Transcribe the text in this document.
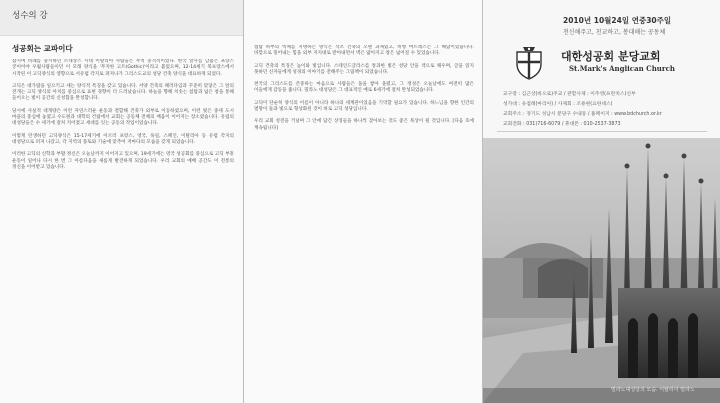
성수의 강
성공회는 교파이다

잡시며 비례를 중시하던 르네상스 시대 이탈리아 사람들은 무척 충격적이었다. 한국 앞사를 남불은 프랑스 궁이어야 우월사람들이던 이 모래 양식을 '무지한 고트(Gothic)'이라고 불렀으며, 12-14세기 북프랑스에서 시작된 이 고딕양식의 영향으로 서유럽 각지로 퍼져나가 그리스도교의 성당 건축 양식을 대표하게 되었다.

고딕은 대가람을 일으키고 세는 양식적 특징을 갖고 있습니다. 서양 건축의 패러다임과 꾸준히 맞닿은 그 앞의 전개는 고딕 양식의 아치를 중심으로 표현 경향이 더 드러났습니다. 하늘을 향해 치솟는 첨탑과 넓은 창을 통해 들어오는 빛이 공간의 신성함을 완성합니다.

당시에 사실적 대개량은 이런 자연스러운 운동과 결합해 건축가 외부로 이동하였으며, 이런 빛은 중세 도시 마을의 중심에 놓였고 수도원과 대학의 건립에서 교회는 공동체 전체의 배움이 이어지는 장소였습니다. 유럽의 대성당들은 수 세기에 걸쳐 지어졌고 세대를 잇는 공동의 작업이었습니다.

이렇게 탄생하던 고딕양식은 15-17세기에 이르러 프랑스, 영국, 독일, 스페인, 이탈리아 등 유럽 각지의 대성당으로 퍼져 나갔고, 각 지역의 풍토와 기술에 맞추어 저마다의 모습을 갖게 되었습니다.

이러한 고딕의 신학과 부활 정신은 오늘날까지 이어지고 있으며, 19세기에는 영국 성공회를 중심으로 고딕 부흥 운동이 일어나 다시 한 번 그 아름다움을 새롭게 발견하게 되었습니다. 우리 교회의 예배 공간도 이 전통의 정신을 이어받고 있습니다.

첨탑 하부의 벽체를 지탱하는 방식은 석조 건축의 오랜 과제였고, 비행 버트레스는 그 해답이었습니다. 바깥으로 밀어내는 힘을 외부 지지대로 받아내면서 벽은 얇아지고 창은 넓어질 수 있었습니다.

고딕 건축의 특징은 높이와 빛입니다. 스테인드글라스를 통과한 빛은 성당 안을 색으로 채우며, 글을 읽지 못하던 신자들에게 성경의 이야기를 전해주는 그림책이 되었습니다.

천국의 그리스도를 존중하는 마음으로 사람들은 돌을 쌓아 올렸고, 그 정성은 오늘날에도 여전히 많은 이들에게 감동을 줍니다. 밀라노 대성당은 그 대표적인 예로 6세기에 걸쳐 완성되었습니다.

고딕이 단순히 양식의 이름이 아니라 하나의 세계관이었음을 기억할 필요가 있습니다. 하느님을 향한 인간의 열망이 돌과 빛으로 형상화된 것이 바로 고딕 성당입니다.

우리 교회 성전을 거닐며 그 안에 담긴 상징들을 하나씩 찾아보는 것도 좋은 묵상이 될 것입니다. [다음 호에 계속됩니다]

2010년 10월24일 연중30주일
천신해주고, 친교하고, 봉대해는 공동체
대한성공회 분당교회
St.Mark's Anglican Church
교구장 : 김근상(바오로)주교 / 관할사제 : 이주영(프란치스)신부
성가대 : 유점례(마리아) / 사제회 : 조용현(요한네스)
교회주소 : 경기도 성남시 분당구 수내동 / 홈페이지 : www.bdchurch.or.kr
교회전화 : 031)716-6079 / 휴대폰 : 010-2537-3873
밀라노대성당의 모습. 이탈리아 밀라노
